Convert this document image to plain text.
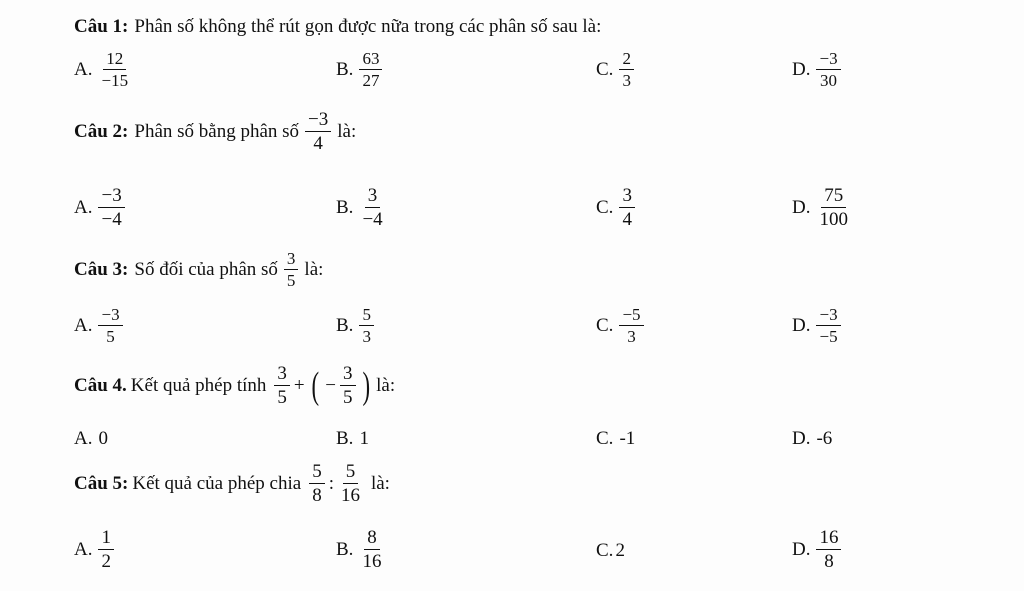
Câu 1: Phân số không thể rút gọn được nữa trong các phân số sau là:
A. $\frac{12}{-15}$	B. $\frac{63}{27}$	C. $\frac{2}{3}$	D. $\frac{-3}{30}$
Câu 2: Phân số bằng phân số $\frac{-3}{4}$ là:
A. $\frac{-3}{-4}$	B. $\frac{3}{-4}$	C. $\frac{3}{4}$	D. $\frac{75}{100}$
Câu 3: Số đối của phân số $\frac{3}{5}$ là:
A. $\frac{-3}{5}$	B. $\frac{5}{3}$	C. $\frac{-5}{3}$	D. $\frac{-3}{-5}$
Câu 4. Kết quả phép tính $\frac{3}{5}$ + ( − $\frac{3}{5}$ ) là:
A. 0	B. 1	C. -1	D. -6
Câu 5: Kết quả của phép chia $\frac{5}{8}$ : $\frac{5}{16}$ là:
A. $\frac{1}{2}$	B. $\frac{8}{16}$	C. 2	D. $\frac{16}{8}$
